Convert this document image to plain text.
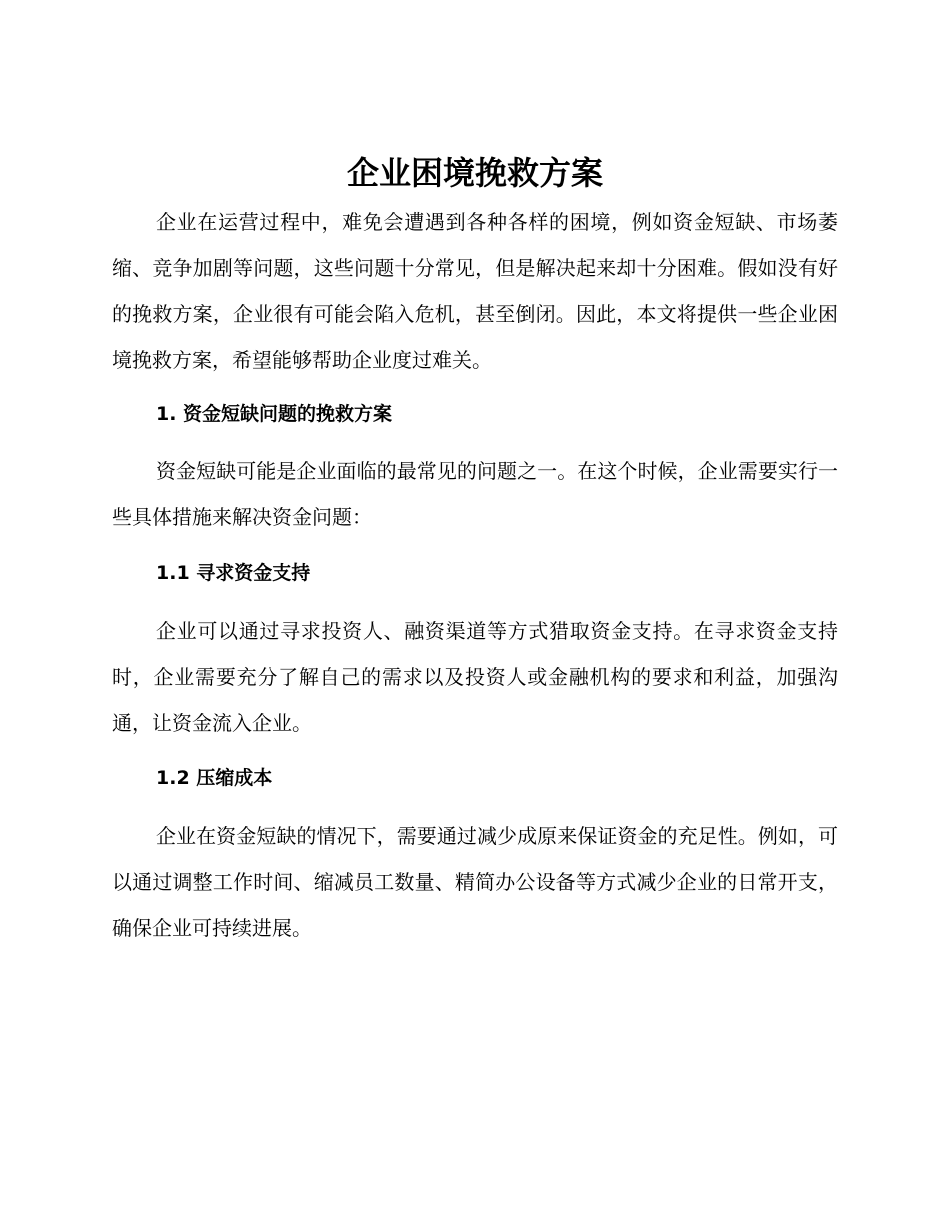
企业困境挽救方案

企业在运营过程中，难免会遭遇到各种各样的困境，例如资金短缺、市场萎缩、竞争加剧等问题，这些问题十分常见，但是解决起来却十分困难。假如没有好的挽救方案，企业很有可能会陷入危机，甚至倒闭。因此，本文将提供一些企业困境挽救方案，希望能够帮助企业度过难关。

1. 资金短缺问题的挽救方案

资金短缺可能是企业面临的最常见的问题之一。在这个时候，企业需要实行一些具体措施来解决资金问题：

1.1 寻求资金支持

企业可以通过寻求投资人、融资渠道等方式猎取资金支持。在寻求资金支持时，企业需要充分了解自己的需求以及投资人或金融机构的要求和利益，加强沟通，让资金流入企业。

1.2 压缩成本

企业在资金短缺的情况下，需要通过减少成原来保证资金的充足性。例如，可以通过调整工作时间、缩减员工数量、精简办公设备等方式减少企业的日常开支，确保企业可持续进展。
